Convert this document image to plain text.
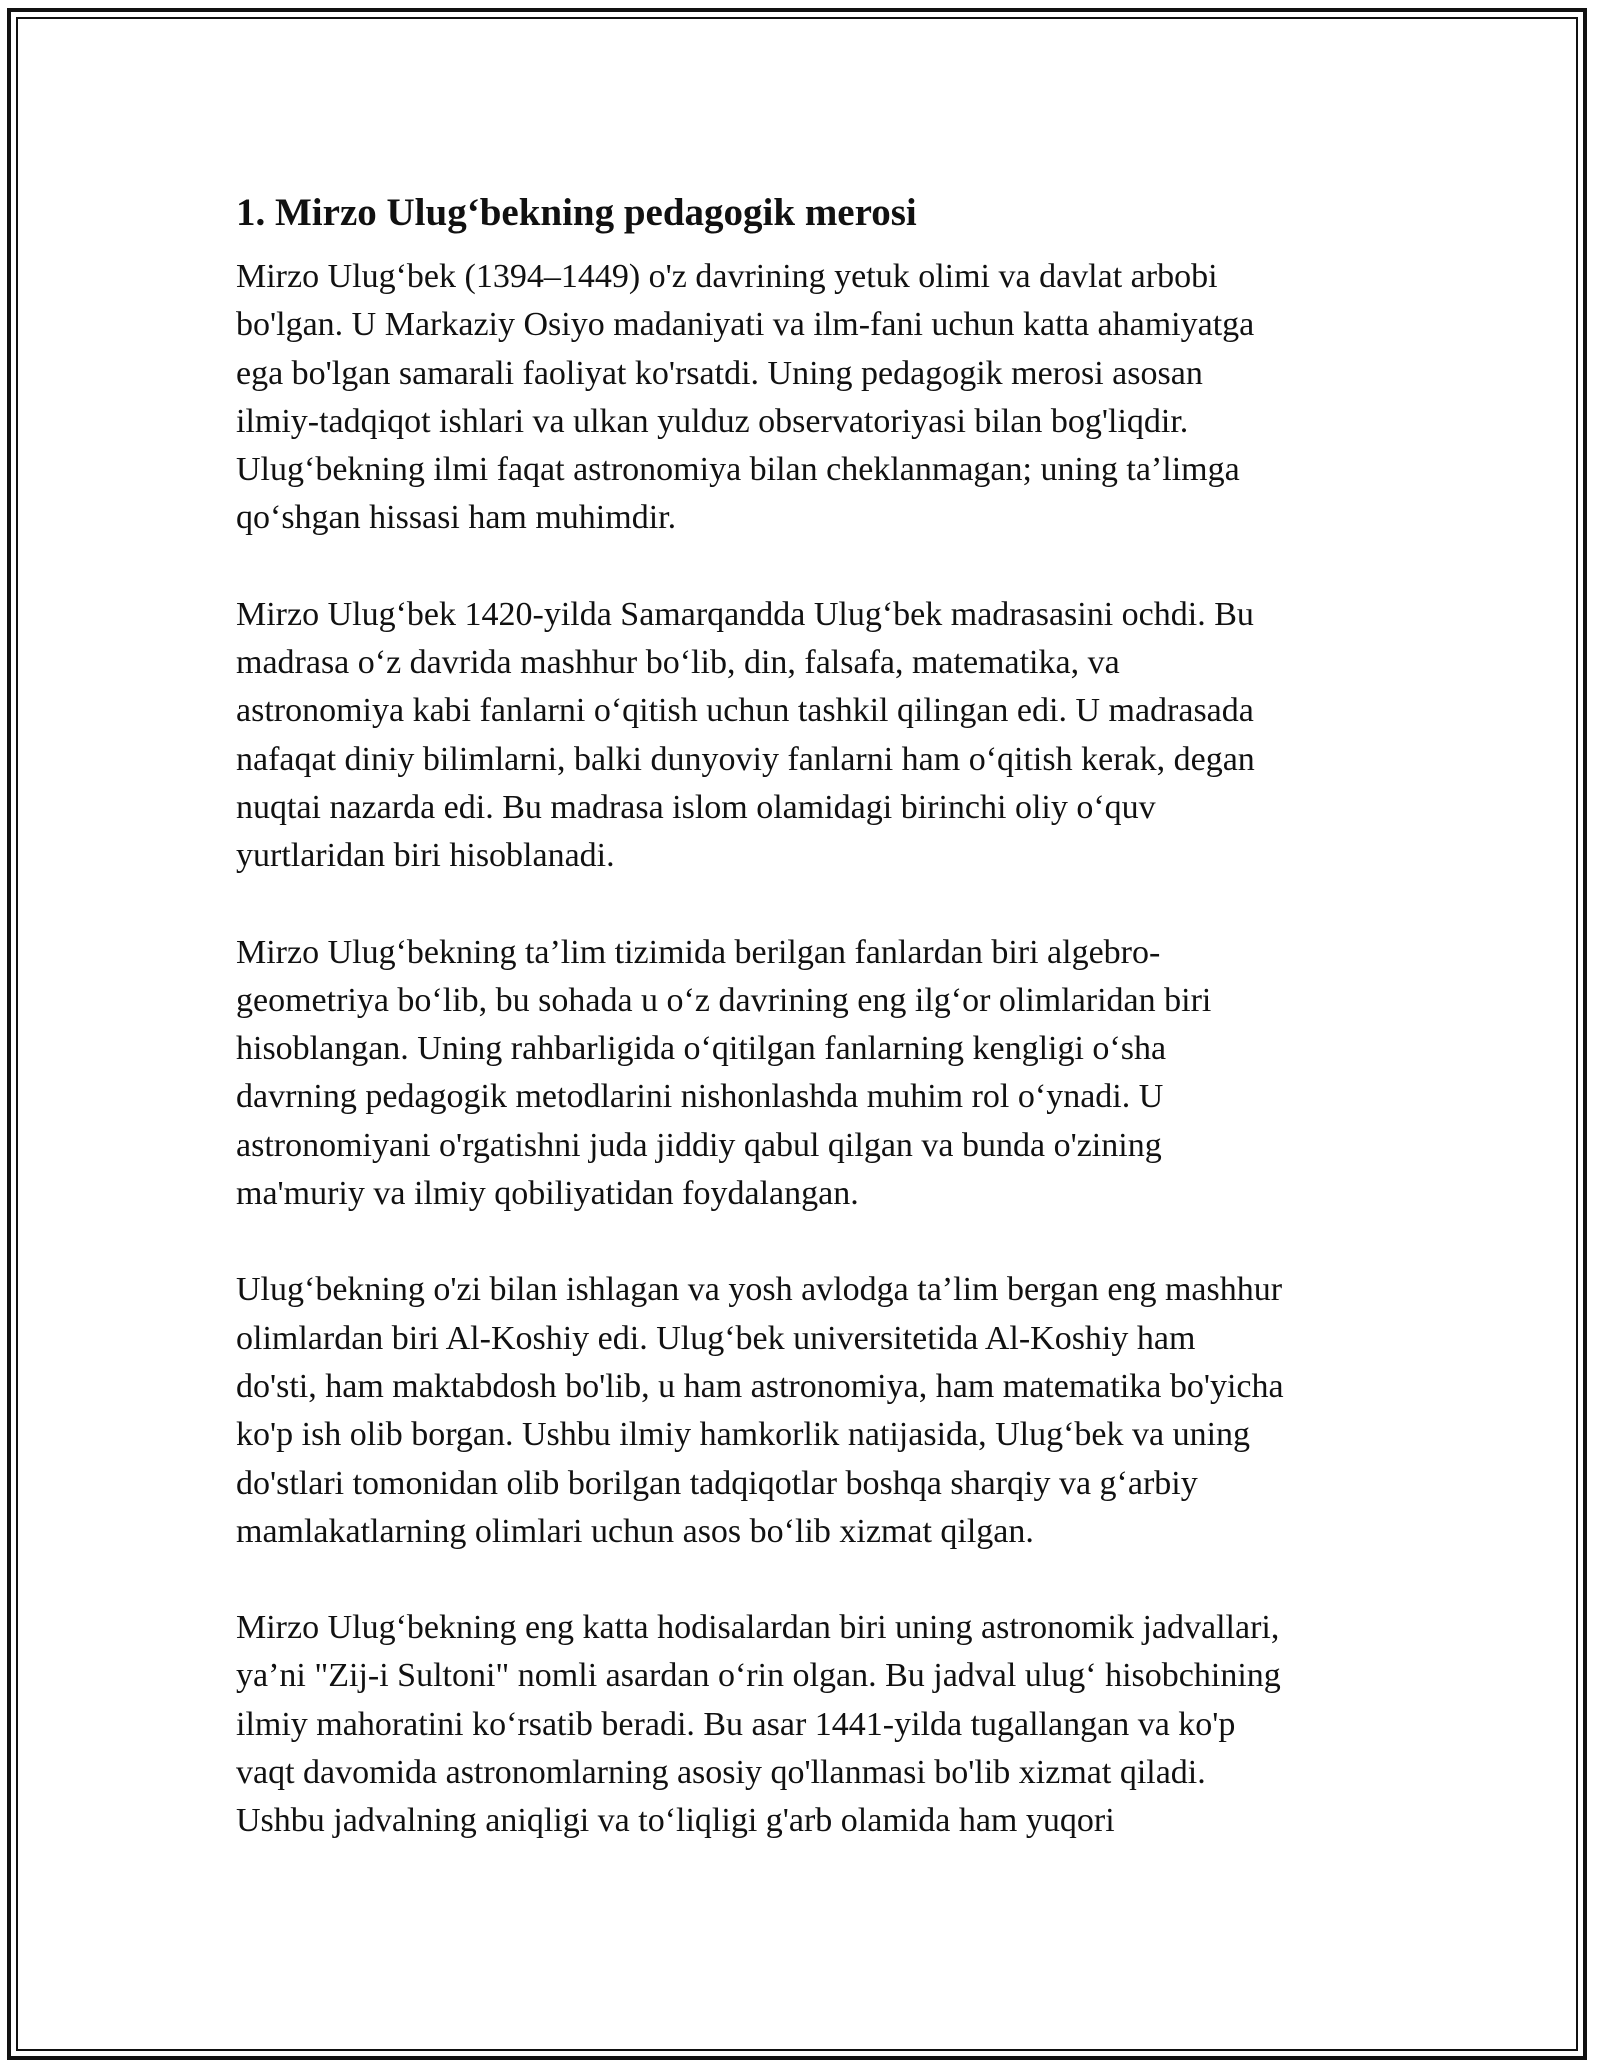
1. Mirzo Ulug‘bekning pedagogik merosi
Mirzo Ulug‘bek (1394–1449) o'z davrining yetuk olimi va davlat arbobi
bo'lgan. U Markaziy Osiyo madaniyati va ilm-fani uchun katta ahamiyatga
ega bo'lgan samarali faoliyat ko'rsatdi. Uning pedagogik merosi asosan
ilmiy-tadqiqot ishlari va ulkan yulduz observatoriyasi bilan bog'liqdir.
Ulug‘bekning ilmi faqat astronomiya bilan cheklanmagan; uning ta’limga
qo‘shgan hissasi ham muhimdir.
Mirzo Ulug‘bek 1420-yilda Samarqandda Ulug‘bek madrasasini ochdi. Bu
madrasa o‘z davrida mashhur bo‘lib, din, falsafa, matematika, va
astronomiya kabi fanlarni o‘qitish uchun tashkil qilingan edi. U madrasada
nafaqat diniy bilimlarni, balki dunyoviy fanlarni ham o‘qitish kerak, degan
nuqtai nazarda edi. Bu madrasa islom olamidagi birinchi oliy o‘quv
yurtlaridan biri hisoblanadi.
Mirzo Ulug‘bekning ta’lim tizimida berilgan fanlardan biri algebro-
geometriya bo‘lib, bu sohada u o‘z davrining eng ilg‘or olimlaridan biri
hisoblangan. Uning rahbarligida o‘qitilgan fanlarning kengligi o‘sha
davrning pedagogik metodlarini nishonlashda muhim rol o‘ynadi. U
astronomiyani o'rgatishni juda jiddiy qabul qilgan va bunda o'zining
ma'muriy va ilmiy qobiliyatidan foydalangan.
Ulug‘bekning o'zi bilan ishlagan va yosh avlodga ta’lim bergan eng mashhur
olimlardan biri Al-Koshiy edi. Ulug‘bek universitetida Al-Koshiy ham
do'sti, ham maktabdosh bo'lib, u ham astronomiya, ham matematika bo'yicha
ko'p ish olib borgan. Ushbu ilmiy hamkorlik natijasida, Ulug‘bek va uning
do'stlari tomonidan olib borilgan tadqiqotlar boshqa sharqiy va g‘arbiy
mamlakatlarning olimlari uchun asos bo‘lib xizmat qilgan.
Mirzo Ulug‘bekning eng katta hodisalardan biri uning astronomik jadvallari,
ya’ni "Zij-i Sultoni" nomli asardan o‘rin olgan. Bu jadval ulug‘ hisobchining
ilmiy mahoratini ko‘rsatib beradi. Bu asar 1441-yilda tugallangan va ko'p
vaqt davomida astronomlarning asosiy qo'llanmasi bo'lib xizmat qiladi.
Ushbu jadvalning aniqligi va to‘liqligi g'arb olamida ham yuqori
